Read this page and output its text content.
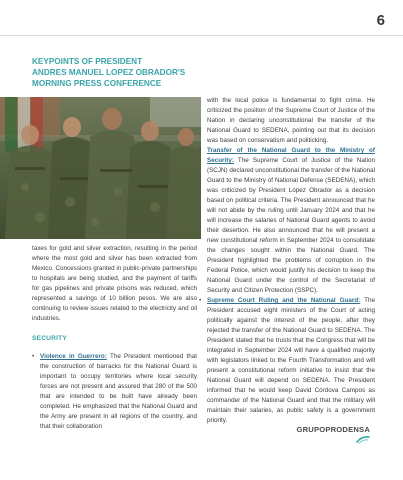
6
KEYPOINTS OF PRESIDENT
ANDRES MANUEL LOPEZ OBRADOR'S
MORNING PRESS CONFERENCE

taxes for gold and silver extraction, resulting in the period where the most gold and silver has been extracted from Mexico. Concessions granted in public-private partnerships to hospitals are being studied, and the payment of tariffs for gas pipelines and private prisons was reduced, which represented a savings of 10 billion pesos. We are also continuing to review issues related to the electricity and oil industries.

SECURITY
• Violence in Guerrero: The President mentioned that the construction of barracks for the National Guard is important to occupy territories where local security forces are not present and assured that 280 of the 500 that are intended to be built have already been completed. He emphasized that the National Guard and the Army are present in all regions of the country, and that their collaboration

with the local police is fundamental to fight crime. He criticized the position of the Supreme Court of Justice of the Nation in declaring unconstitutional the transfer of the National Guard to SEDENA, pointing out that its decision was based on conservatism and politicking.

• Transfer of the National Guard to the Ministry of Security: The Supreme Court of Justice of the Nation (SCJN) declared unconstitutional the transfer of the National Guard to the Ministry of National Defense (SEDENA), which was criticized by President López Obrador as a decision based on political criteria. The President announced that he will not abide by the ruling until January 2024 and that he will increase the salaries of National Guard agents to avoid their desertion. He also announced that he will present a new constitutional reform in September 2024 to consolidate the changes sought within the National Guard. The President highlighted the problems of corruption in the Federal Police, which would justify his decision to keep the National Guard under the control of the Secretariat of Security and Citizen Protection (SSPC).
• Supreme Court Ruling and the National Guard: The President accused eight ministers of the Court of acting politically against the interest of the people, after they rejected the transfer of the National Guard to SEDENA. The President stated that he trusts that the Congress that will be integrated in September 2024 will have a qualified majority with legislators linked to the Fourth Transformation and will present a constitutional reform initiative to insist that the National Guard will depend on SEDENA. The President informed that he would keep David Córdova Campos as commander of the National Guard and that the military will maintain their salaries, as public safety is a government priority.
GRUPOPRODENSA
